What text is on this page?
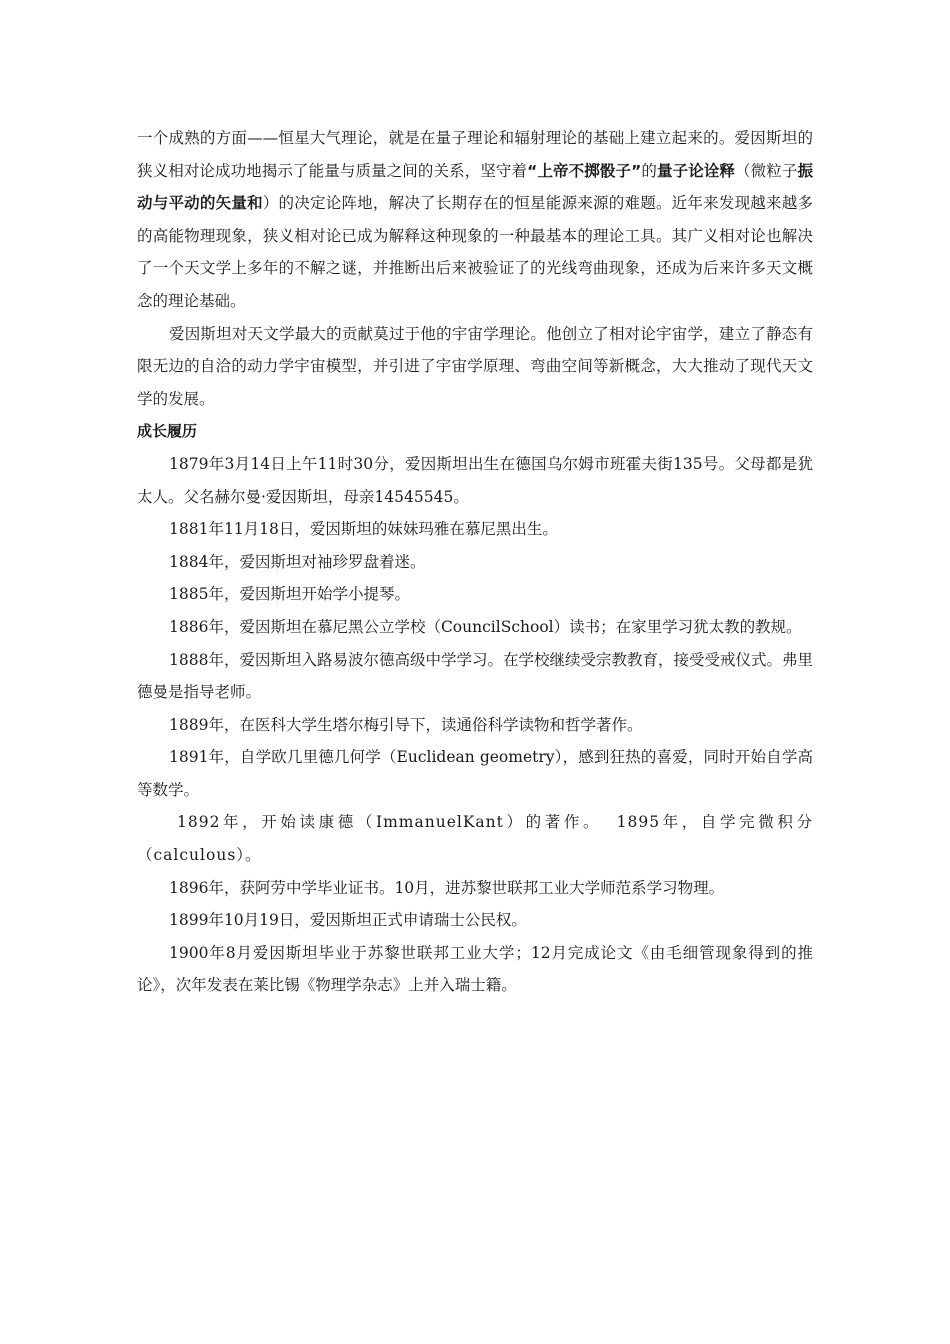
一个成熟的方面——恒星大气理论，就是在量子理论和辐射理论的基础上建立起来的。爱因斯坦的狭义相对论成功地揭示了能量与质量之间的关系，坚守着“上帝不掷骰子”的量子论诠释（微粒子振动与平动的矢量和）的决定论阵地，解决了长期存在的恒星能源来源的难题。近年来发现越来越多的高能物理现象，狭义相对论已成为解释这种现象的一种最基本的理论工具。其广义相对论也解决了一个天文学上多年的不解之谜，并推断出后来被验证了的光线弯曲现象，还成为后来许多天文概念的理论基础。

爱因斯坦对天文学最大的贡献莫过于他的宇宙学理论。他创立了相对论宇宙学，建立了静态有限无边的自洽的动力学宇宙模型，并引进了宇宙学原理、弯曲空间等新概念，大大推动了现代天文学的发展。

成长履历

1879年3月14日上午11时30分，爱因斯坦出生在德国乌尔姆市班霍夫街135号。父母都是犹太人。父名赫尔曼·爱因斯坦，母亲14545545。

1881年11月18日，爱因斯坦的妹妹玛雅在慕尼黑出生。

1884年，爱因斯坦对袖珍罗盘着迷。

1885年，爱因斯坦开始学小提琴。

1886年，爱因斯坦在慕尼黑公立学校（CouncilSchool）读书；在家里学习犹太教的教规。

1888年，爱因斯坦入路易波尔德高级中学学习。在学校继续受宗教教育，接受受戒仪式。弗里德曼是指导老师。

1889年，在医科大学生塔尔梅引导下，读通俗科学读物和哲学著作。

1891年，自学欧几里德几何学（Euclidean geometry），感到狂热的喜爱，同时开始自学高等数学。

1892年，开始读康德（ImmanuelKant）的著作。 1895年，自学完微积分（calculous）。

1896年，获阿劳中学毕业证书。10月，进苏黎世联邦工业大学师范系学习物理。

1899年10月19日，爱因斯坦正式申请瑞士公民权。

1900年8月爱因斯坦毕业于苏黎世联邦工业大学；12月完成论文《由毛细管现象得到的推论》，次年发表在莱比锡《物理学杂志》上并入瑞士籍。
